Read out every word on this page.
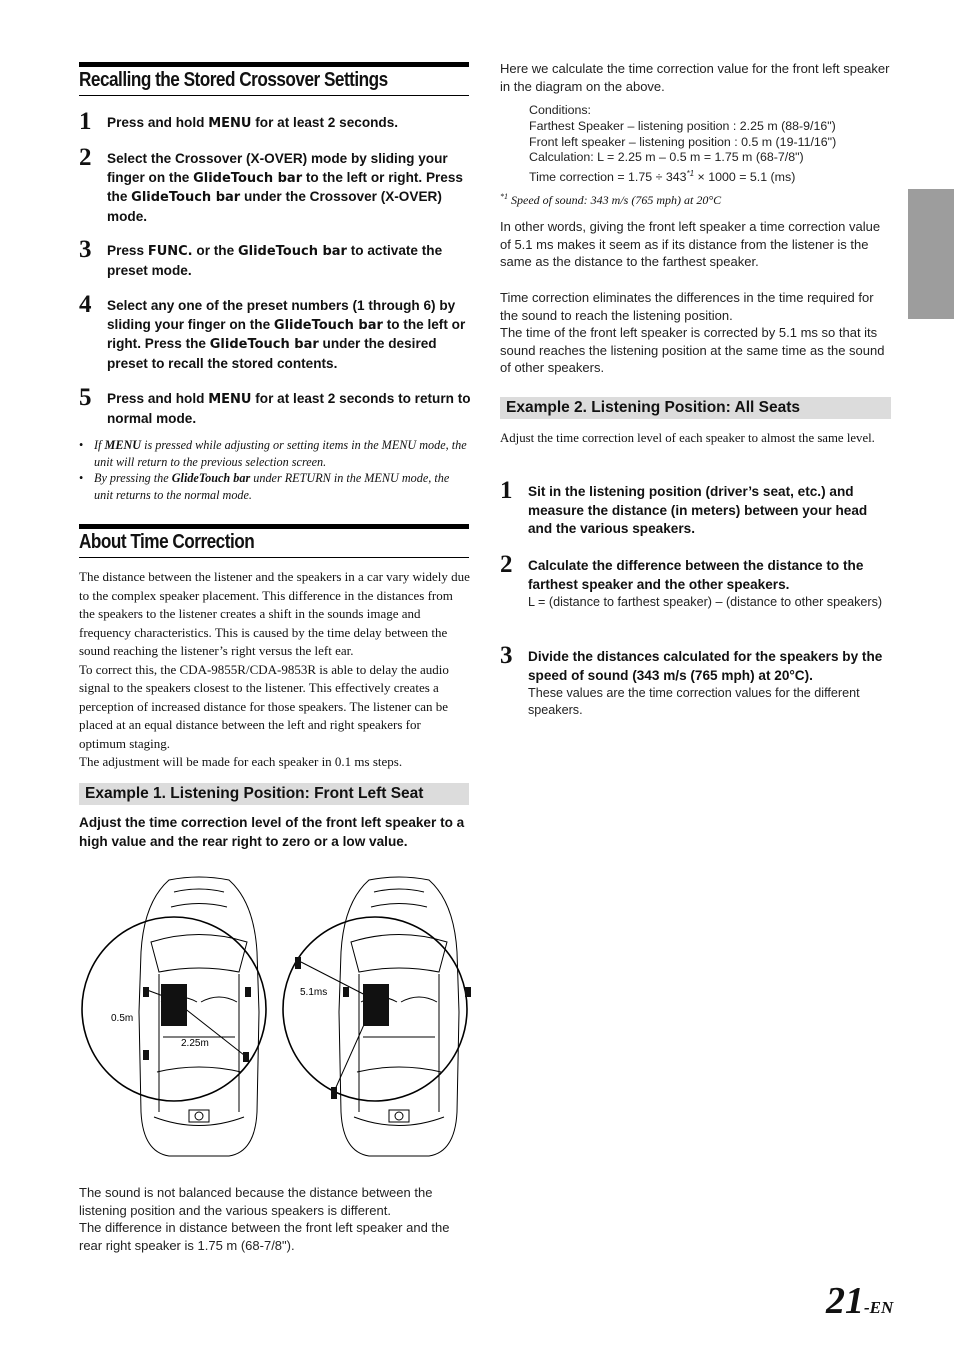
Recalling the Stored Crossover Settings
1 Press and hold MENU for at least 2 seconds.
2 Select the Crossover (X-OVER) mode by sliding your finger on the GlideTouch bar to the left or right. Press the GlideTouch bar under the Crossover (X-OVER) mode.
3 Press FUNC. or the GlideTouch bar to activate the preset mode.
4 Select any one of the preset numbers (1 through 6) by sliding your finger on the GlideTouch bar to the left or right. Press the GlideTouch bar under the desired preset to recall the stored contents.
5 Press and hold MENU for at least 2 seconds to return to normal mode.
• If MENU is pressed while adjusting or setting items in the MENU mode, the unit will return to the previous selection screen.
• By pressing the GlideTouch bar under RETURN in the MENU mode, the unit returns to the normal mode.
About Time Correction
The distance between the listener and the speakers in a car vary widely due to the complex speaker placement. This difference in the distances from the speakers to the listener creates a shift in the sounds image and frequency characteristics. This is caused by the time delay between the sound reaching the listener’s right versus the left ear.
To correct this, the CDA-9855R/CDA-9853R is able to delay the audio signal to the speakers closest to the listener. This effectively creates a perception of increased distance for those speakers. The listener can be placed at an equal distance between the left and right speakers for optimum staging.
The adjustment will be made for each speaker in 0.1 ms steps.
Example 1. Listening Position: Front Left Seat
Adjust the time correction level of the front left speaker to a high value and the rear right to zero or a low value.
0.5m
2.25m
5.1ms
The sound is not balanced because the distance between the listening position and the various speakers is different.
The difference in distance between the front left speaker and the rear right speaker is 1.75 m (68-7/8").
Here we calculate the time correction value for the front left speaker in the diagram on the above.
Conditions:
Farthest Speaker – listening position : 2.25 m (88-9/16")
Front left speaker – listening position : 0.5 m (19-11/16")
Calculation: L = 2.25 m – 0.5 m = 1.75 m (68-7/8")
Time correction = $1.75 \div 343^{*1} \times 1000 = 5.1$ (ms)
$^{*1}$ Speed of sound: 343 m/s (765 mph) at 20°C
In other words, giving the front left speaker a time correction value of 5.1 ms makes it seem as if its distance from the listener is the same as the distance to the farthest speaker.
Time correction eliminates the differences in the time required for the sound to reach the listening position.
The time of the front left speaker is corrected by 5.1 ms so that its sound reaches the listening position at the same time as the sound of other speakers.
Example 2. Listening Position: All Seats
Adjust the time correction level of each speaker to almost the same level.
1 Sit in the listening position (driver’s seat, etc.) and measure the distance (in meters) between your head and the various speakers.
2 Calculate the difference between the distance to the farthest speaker and the other speakers.
L = (distance to farthest speaker) – (distance to other speakers)
3 Divide the distances calculated for the speakers by the speed of sound (343 m/s (765 mph) at 20°C).
These values are the time correction values for the different speakers.
21-EN
